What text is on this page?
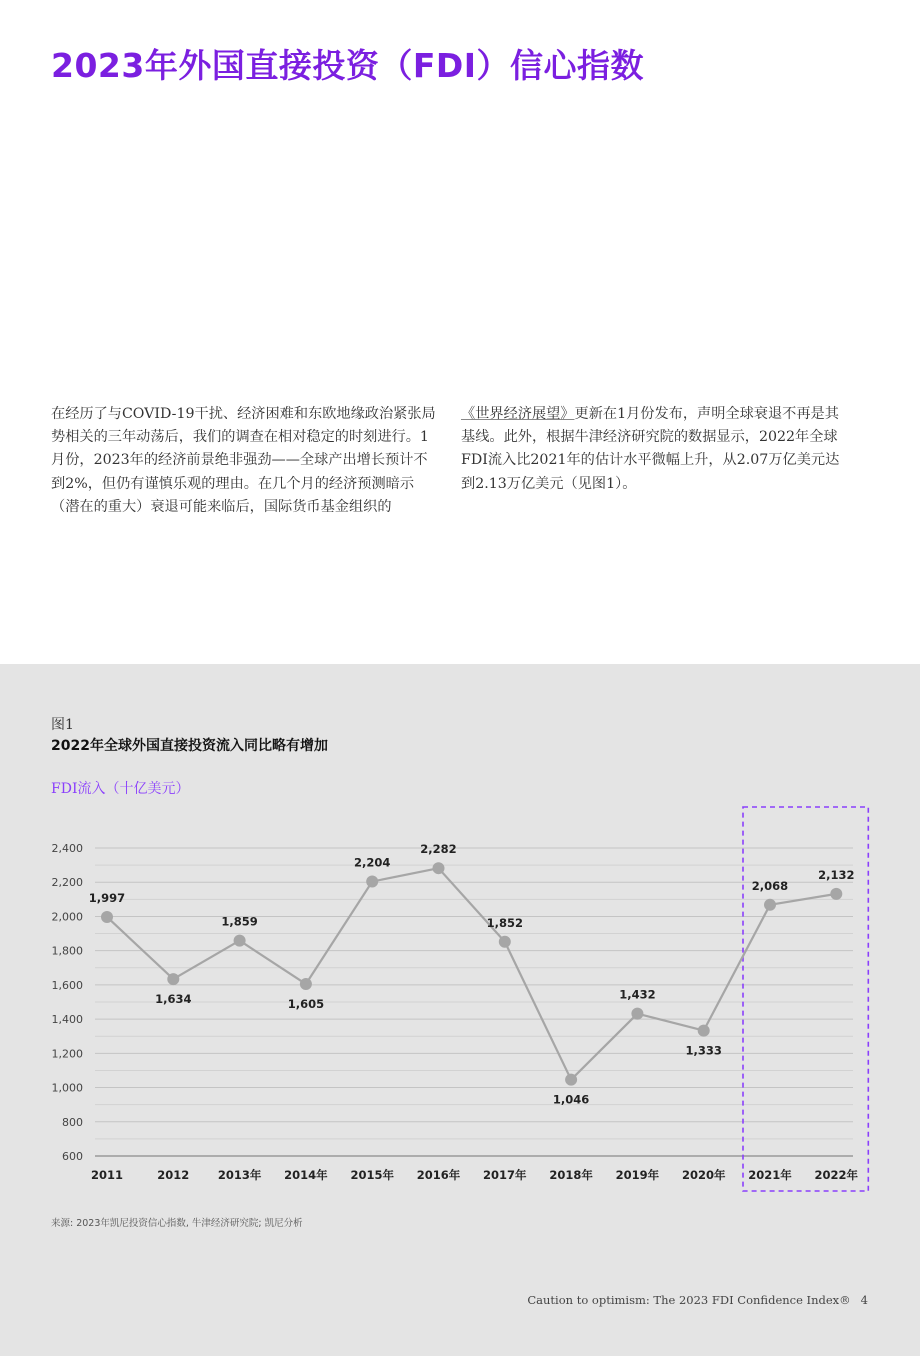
2023年外国直接投资（FDI）信心指数
在经历了与COVID-19干扰、经济困难和东欧地缘政治紧张局势相关的三年动荡后，我们的调查在相对稳定的时刻进行。1月份，2023年的经济前景绝非强劲——全球产出增长预计不到2%，但仍有谨慎乐观的理由。在几个月的经济预测暗示（潜在的重大）衰退可能来临后，国际货币基金组织的
《世界经济展望》更新在1月份发布，声明全球衰退不再是其基线。此外，根据牛津经济研究院的数据显示，2022年全球FDI流入比2021年的估计水平微幅上升，从2.07万亿美元达到2.13万亿美元（见图1）。
图1
2022年全球外国直接投资流入同比略有增加
FDI流入（十亿美元）
600
800
1,000
1,200
1,400
1,600
1,800
2,000
2,200
2,400
1,997
2011
1,634
2012
1,859
2013年
1,605
2014年
2,204
2015年
2,282
2016年
1,852
2017年
1,046
2018年
1,432
2019年
1,333
2020年
2,068
2021年
2,132
2022年
来源: 2023年凯尼投资信心指数, 牛津经济研究院; 凯尼分析
Caution to optimism: The 2023 FDI Confidence Index® 4
